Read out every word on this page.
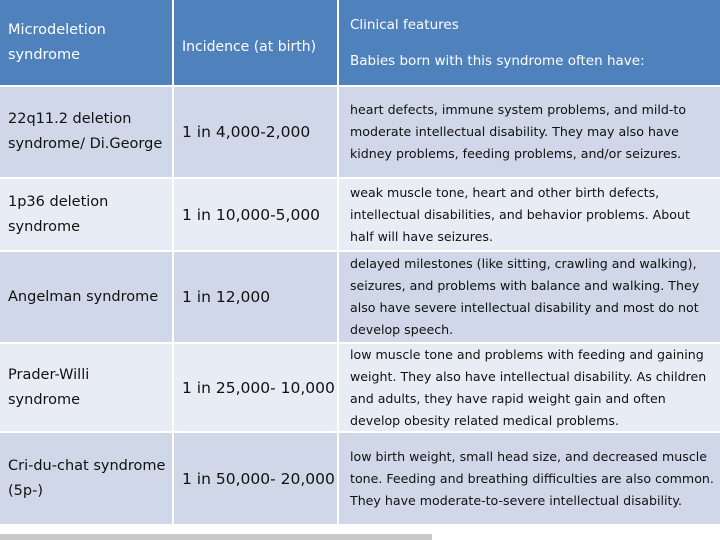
Microdeletion syndrome	Incidence (at birth)
Clinical features
Babies born with this syndrome often have:
22q11.2 deletion syndrome/ Di.George
1 in 4,000-2,000
heart defects, immune system problems, and mild-to moderate intellectual disability. They may also have kidney problems, feeding problems, and/or seizures.
1p36 deletion syndrome
1 in 10,000-5,000
weak muscle tone, heart and other birth defects, intellectual disabilities, and behavior problems. About half will have seizures.
Angelman syndrome 1 in 12,000
delayed milestones (like sitting, crawling and walking), seizures, and problems with balance and walking. They also have severe intellectual disability and most do not develop speech.
Prader-Willi syndrome
1 in 25,000- 10,000
low muscle tone and problems with feeding and gaining weight. They also have intellectual disability. As children and adults, they have rapid weight gain and often develop obesity related medical problems.
Cri-du-chat syndrome (5p-)
1 in 50,000- 20,000
low birth weight, small head size, and decreased muscle tone. Feeding and breathing difficulties are also common. They have moderate-to-severe intellectual disability.
